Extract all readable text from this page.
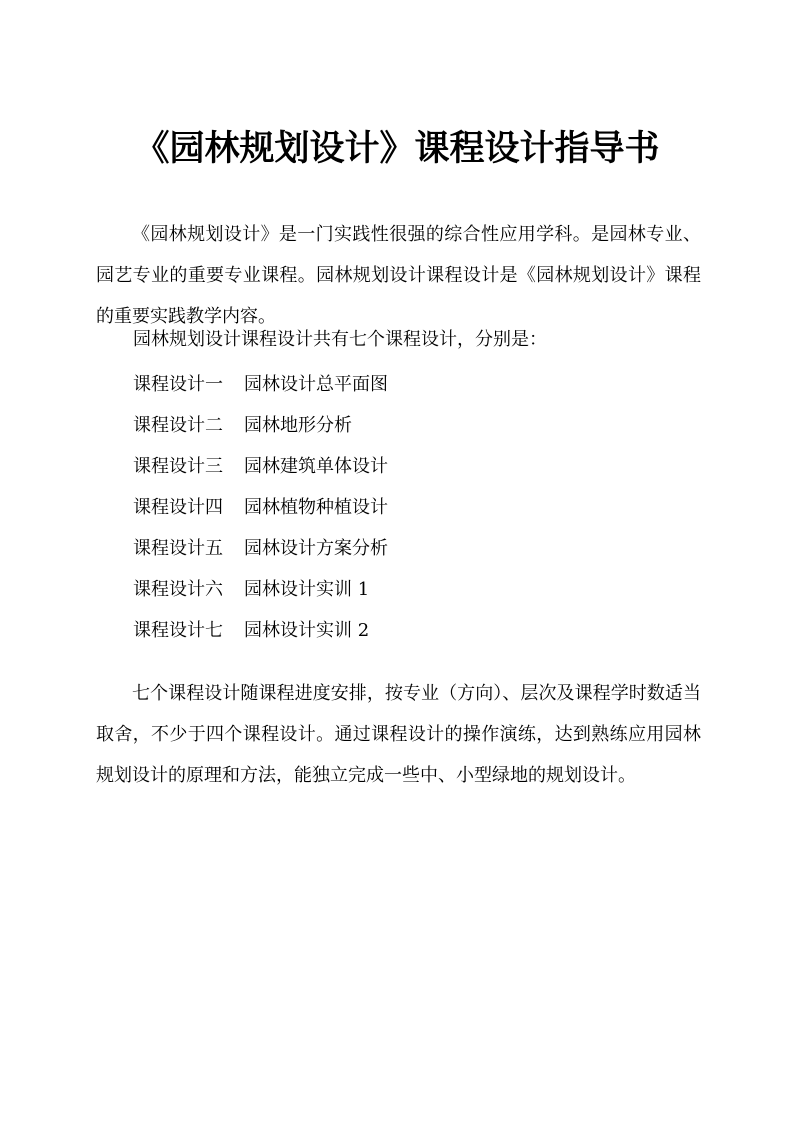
《园林规划设计》课程设计指导书

《园林规划设计》是一门实践性很强的综合性应用学科。是园林专业、园艺专业的重要专业课程。园林规划设计课程设计是《园林规划设计》课程的重要实践教学内容。

园林规划设计课程设计共有七个课程设计，分别是：
课程设计一	园林设计总平面图
课程设计二	园林地形分析
课程设计三	园林建筑单体设计
课程设计四	园林植物种植设计
课程设计五	园林设计方案分析
课程设计六	园林设计实训 1
课程设计七	园林设计实训 2

七个课程设计随课程进度安排，按专业（方向）、层次及课程学时数适当取舍，不少于四个课程设计。通过课程设计的操作演练，达到熟练应用园林规划设计的原理和方法，能独立完成一些中、小型绿地的规划设计。
